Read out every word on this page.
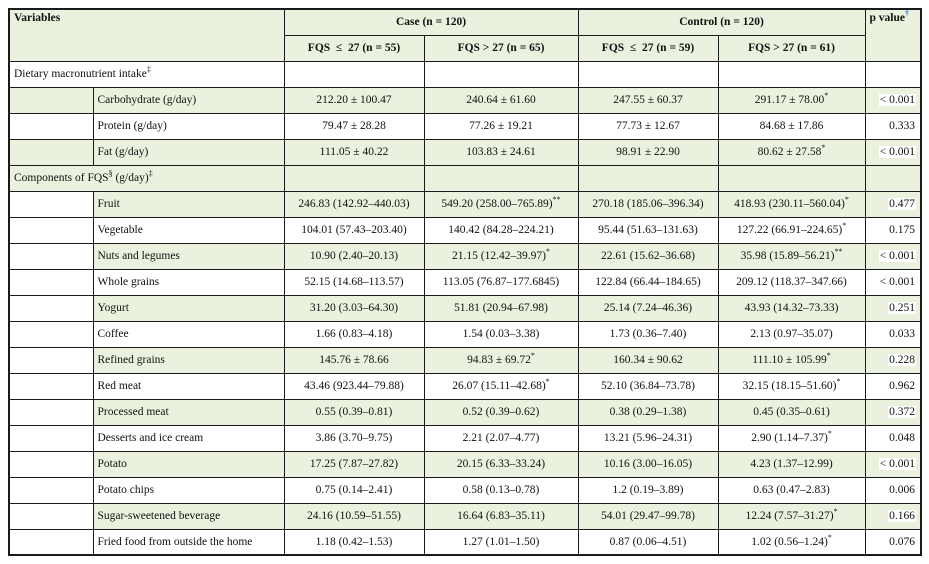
Variables		Case (n = 120)		Control (n = 120)		p value†
		FQS  ≤  27 (n = 55)	FQS > 27 (n = 65)	FQS  ≤  27 (n = 59)	FQS > 27 (n = 61)	
Dietary macronutrient intake‡					
	Carbohydrate (g/day)	212.20 ± 100.47	240.64 ± 61.60	247.55 ± 60.37	291.17 ± 78.00*	< 0.001
	Protein (g/day)	79.47 ± 28.28	77.26 ± 19.21	77.73 ± 12.67	84.68 ± 17.86	0.333
	Fat (g/day)	111.05 ± 40.22	103.83 ± 24.61	98.91 ± 22.90	80.62 ± 27.58*	< 0.001
Components of FQS§ (g/day)‡					
	Fruit	246.83 (142.92–440.03)	549.20 (258.00–765.89)**	270.18 (185.06–396.34)	418.93 (230.11–560.04)*	0.477
	Vegetable	104.01 (57.43–203.40)	140.42 (84.28–224.21)	95.44 (51.63–131.63)	127.22 (66.91–224.65)*	0.175
	Nuts and legumes	10.90 (2.40–20.13)	21.15 (12.42–39.97)*	22.61 (15.62–36.68)	35.98 (15.89–56.21)**	< 0.001
	Whole grains	52.15 (14.68–113.57)	113.05 (76.87–177.6845)	122.84 (66.44–184.65)	209.12 (118.37–347.66)	< 0.001
	Yogurt	31.20 (3.03–64.30)	51.81 (20.94–67.98)	25.14 (7.24–46.36)	43.93 (14.32–73.33)	0.251
	Coffee	1.66 (0.83–4.18)	1.54 (0.03–3.38)	1.73 (0.36–7.40)	2.13 (0.97–35.07)	0.033
	Refined grains	145.76 ± 78.66	94.83 ± 69.72*	160.34 ± 90.62	111.10 ± 105.99*	0.228
	Red meat	43.46 (923.44–79.88)	26.07 (15.11–42.68)*	52.10 (36.84–73.78)	32.15 (18.15–51.60)*	0.962
	Processed meat	0.55 (0.39–0.81)	0.52 (0.39–0.62)	0.38 (0.29–1.38)	0.45 (0.35–0.61)	0.372
	Desserts and ice cream	3.86 (3.70–9.75)	2.21 (2.07–4.77)	13.21 (5.96–24.31)	2.90 (1.14–7.37)*	0.048
	Potato	17.25 (7.87–27.82)	20.15 (6.33–33.24)	10.16 (3.00–16.05)	4.23 (1.37–12.99)	< 0.001
	Potato chips	0.75 (0.14–2.41)	0.58 (0.13–0.78)	1.2 (0.19–3.89)	0.63 (0.47–2.83)	0.006
	Sugar-sweetened beverage	24.16 (10.59–51.55)	16.64 (6.83–35.11)	54.01 (29.47–99.78)	12.24 (7.57–31.27)*	0.166
	Fried food from outside the home	1.18 (0.42–1.53)	1.27 (1.01–1.50)	0.87 (0.06–4.51)	1.02 (0.56–1.24)*	0.076
